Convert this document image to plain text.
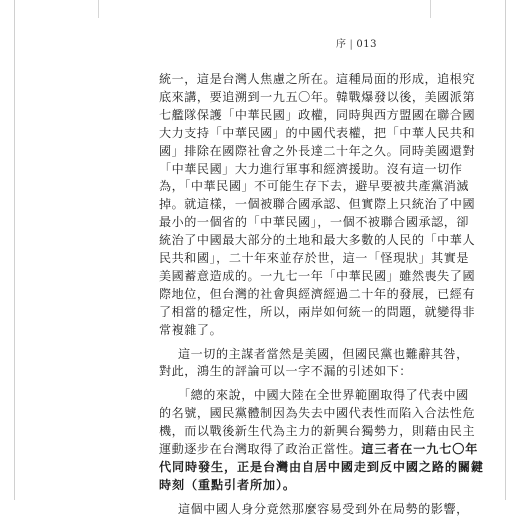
序 | 013
統一，這是台灣人焦慮之所在。這種局面的形成，追根究
底來講，要追溯到一九五〇年。韓戰爆發以後，美國派第
七艦隊保護「中華民國」政權，同時與西方盟國在聯合國
大力支持「中華民國」的中國代表權，把「中華人民共和
國」排除在國際社會之外長達二十年之久。同時美國還對
「中華民國」大力進行軍事和經濟援助。沒有這一切作
為，「中華民國」不可能生存下去，避早要被共產黨消滅
掉。就這樣，一個被聯合國承認、但實際上只統治了中國
最小的一個省的「中華民國」，一個不被聯合國承認，卻
統治了中國最大部分的土地和最大多數的人民的「中華人
民共和國」，二十年來並存於世，這一「怪現狀」其實是
美國蓄意造成的。一九七一年「中華民國」雖然喪失了國
際地位，但台灣的社會與經濟經過二十年的發展，已經有
了相當的穩定性，所以，兩岸如何統一的問題，就變得非
常複雜了。
這一切的主謀者當然是美國，但國民黨也難辭其咎，
對此，鴻生的評論可以一字不漏的引述如下：
「總的來說，中國大陸在全世界範圍取得了代表中國
的名號，國民黨體制因為失去中國代表性而陷入合法性危
機，而以戰後新生代為主力的新興台獨勢力，則藉由民主
運動逐步在台灣取得了政治正當性。這三者在一九七〇年
代同時發生，正是台灣由自居中國走到反中國之路的關鍵
時刻（重點引者所加）。
這個中國人身分竟然那麼容易受到外在局勢的影響，
